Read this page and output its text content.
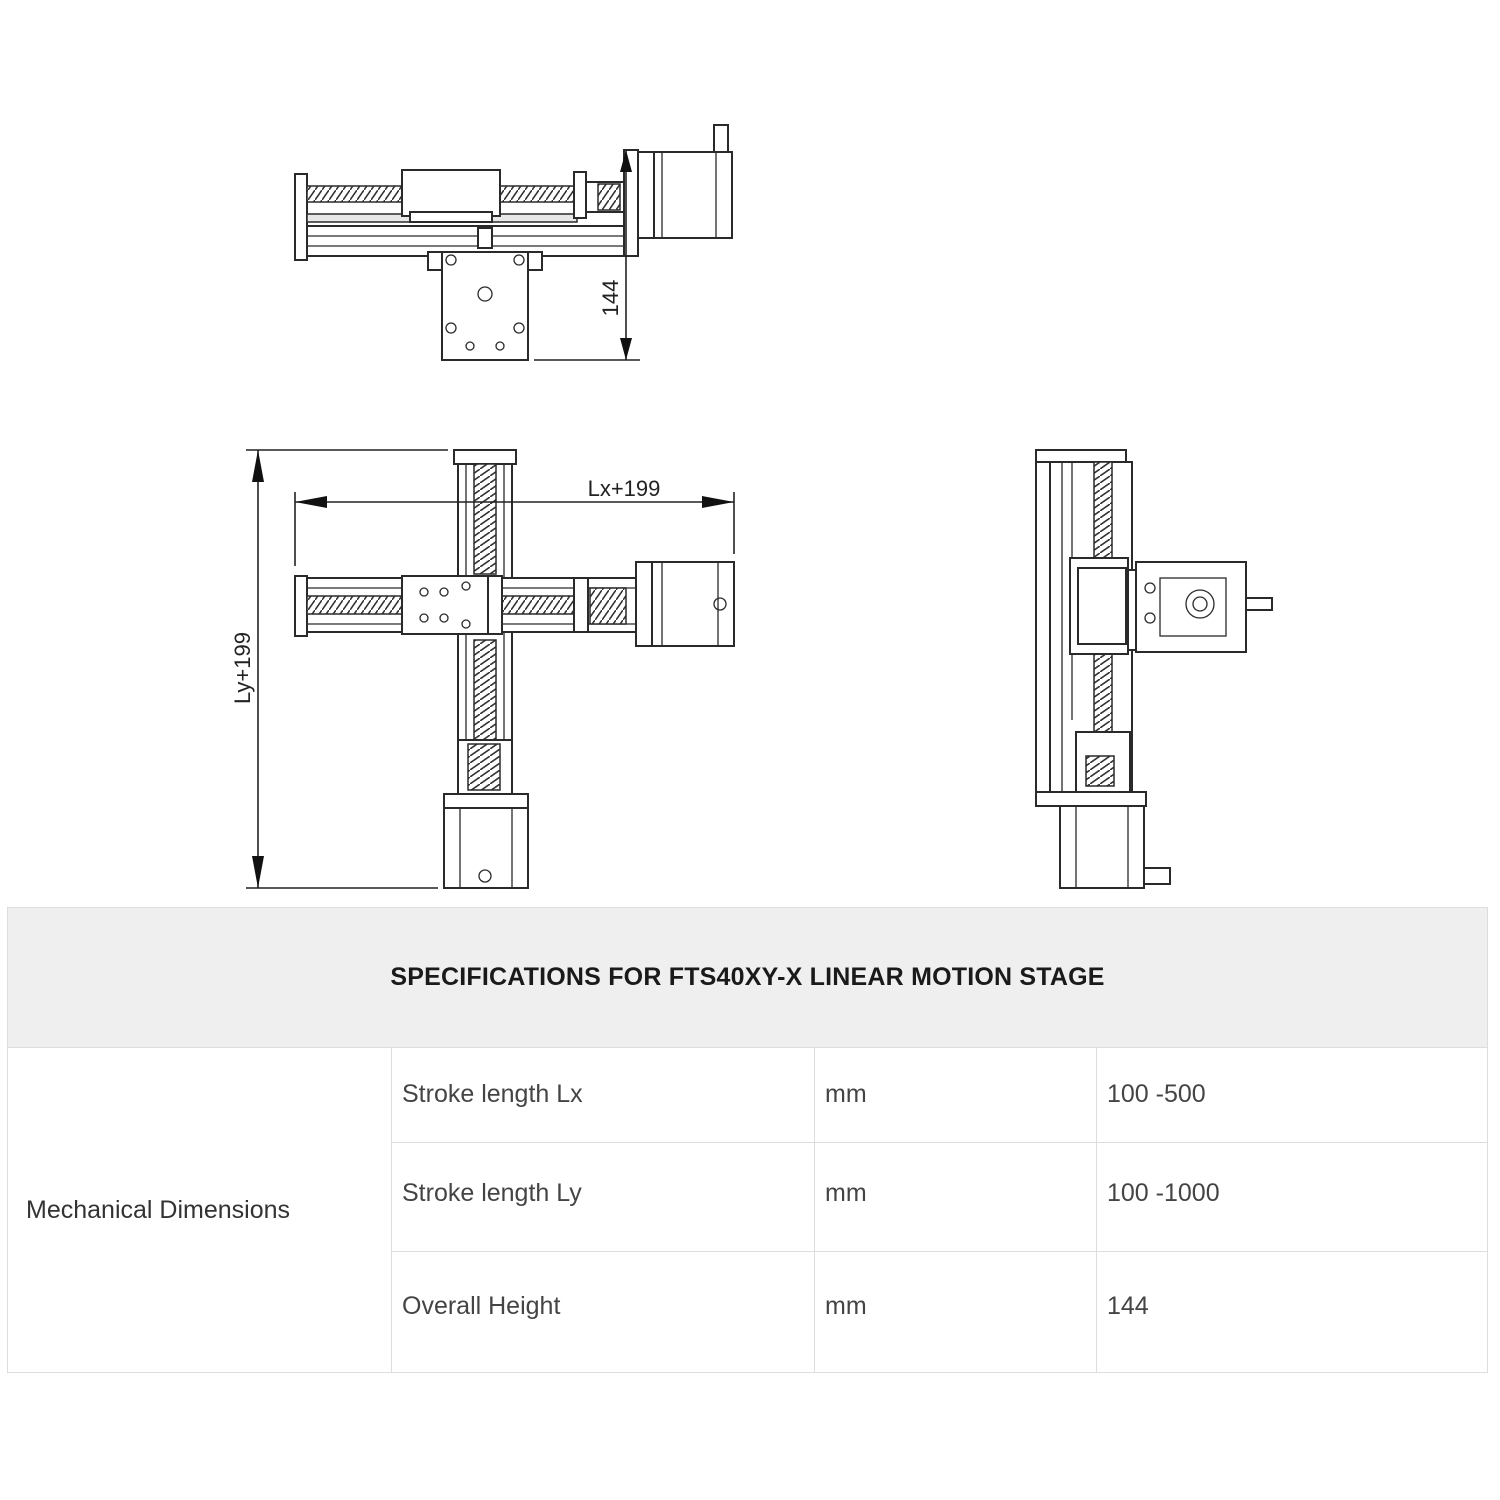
144
Lx+199
Ly+199
SPECIFICATIONS FOR FTS40XY-X LINEAR MOTION STAGE			
Mechanical Dimensions	Stroke length Lx	mm	100 -500
	Stroke length Ly	mm	100 -1000
	Overall Height	mm	144
